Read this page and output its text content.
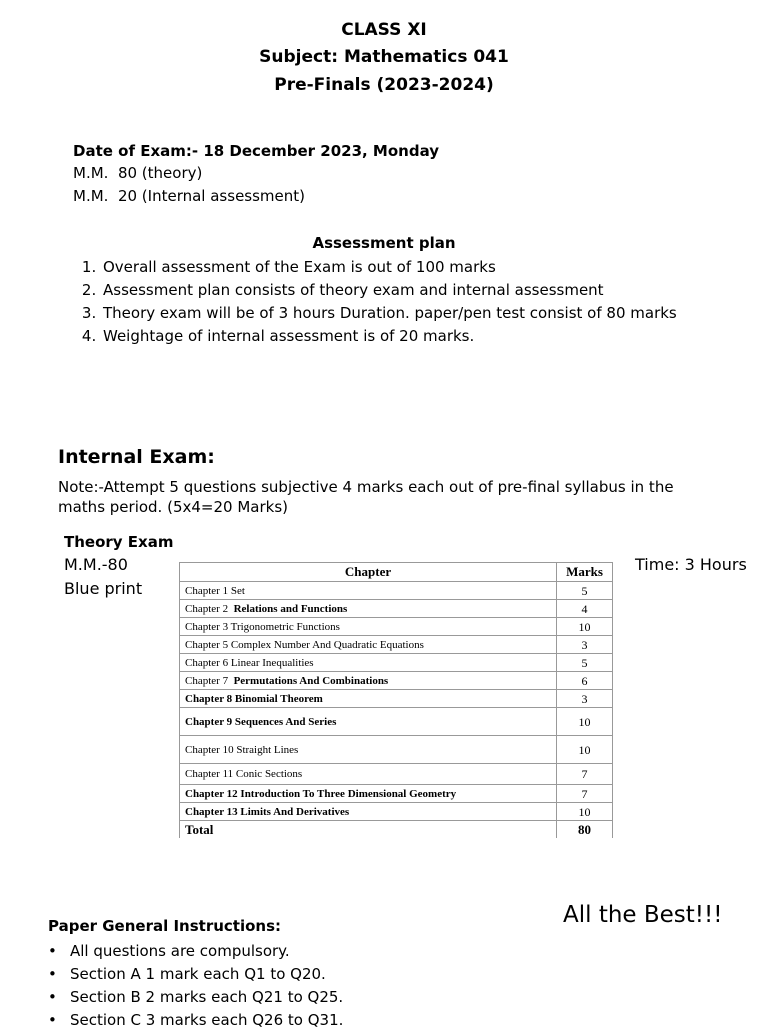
CLASS XI
Subject: Mathematics 041
Pre-Finals (2023-2024)
Date of Exam:- 18 December 2023, Monday
M.M.  80 (theory)
M.M.  20 (Internal assessment)
Assessment plan
1. Overall assessment of the Exam is out of 100 marks
2. Assessment plan consists of theory exam and internal assessment
3. Theory exam will be of 3 hours Duration. paper/pen test consist of 80 marks
4. Weightage of internal assessment is of 20 marks.
Internal Exam:
Note:-Attempt 5 questions subjective 4 marks each out of pre-final syllabus in the maths period. (5x4=20 Marks)
Theory Exam
M.M.-80
Blue print
Time: 3 Hours
Chapter	Marks
Chapter 1 Set	5
Chapter 2  Relations and Functions	4
Chapter 3 Trigonometric Functions	10
Chapter 5 Complex Number And Quadratic Equations	3
Chapter 6 Linear Inequalities	5
Chapter 7  Permutations And Combinations	6
Chapter 8 Binomial Theorem	3
Chapter 9 Sequences And Series	10
Chapter 10 Straight Lines	10
Chapter 11 Conic Sections	7
Chapter 12 Introduction To Three Dimensional Geometry	7
Chapter 13 Limits And Derivatives	10
Total	80
All the Best!!!
Paper General Instructions:
• All questions are compulsory.
• Section A 1 mark each Q1 to Q20.
• Section B 2 marks each Q21 to Q25.
• Section C 3 marks each Q26 to Q31.
